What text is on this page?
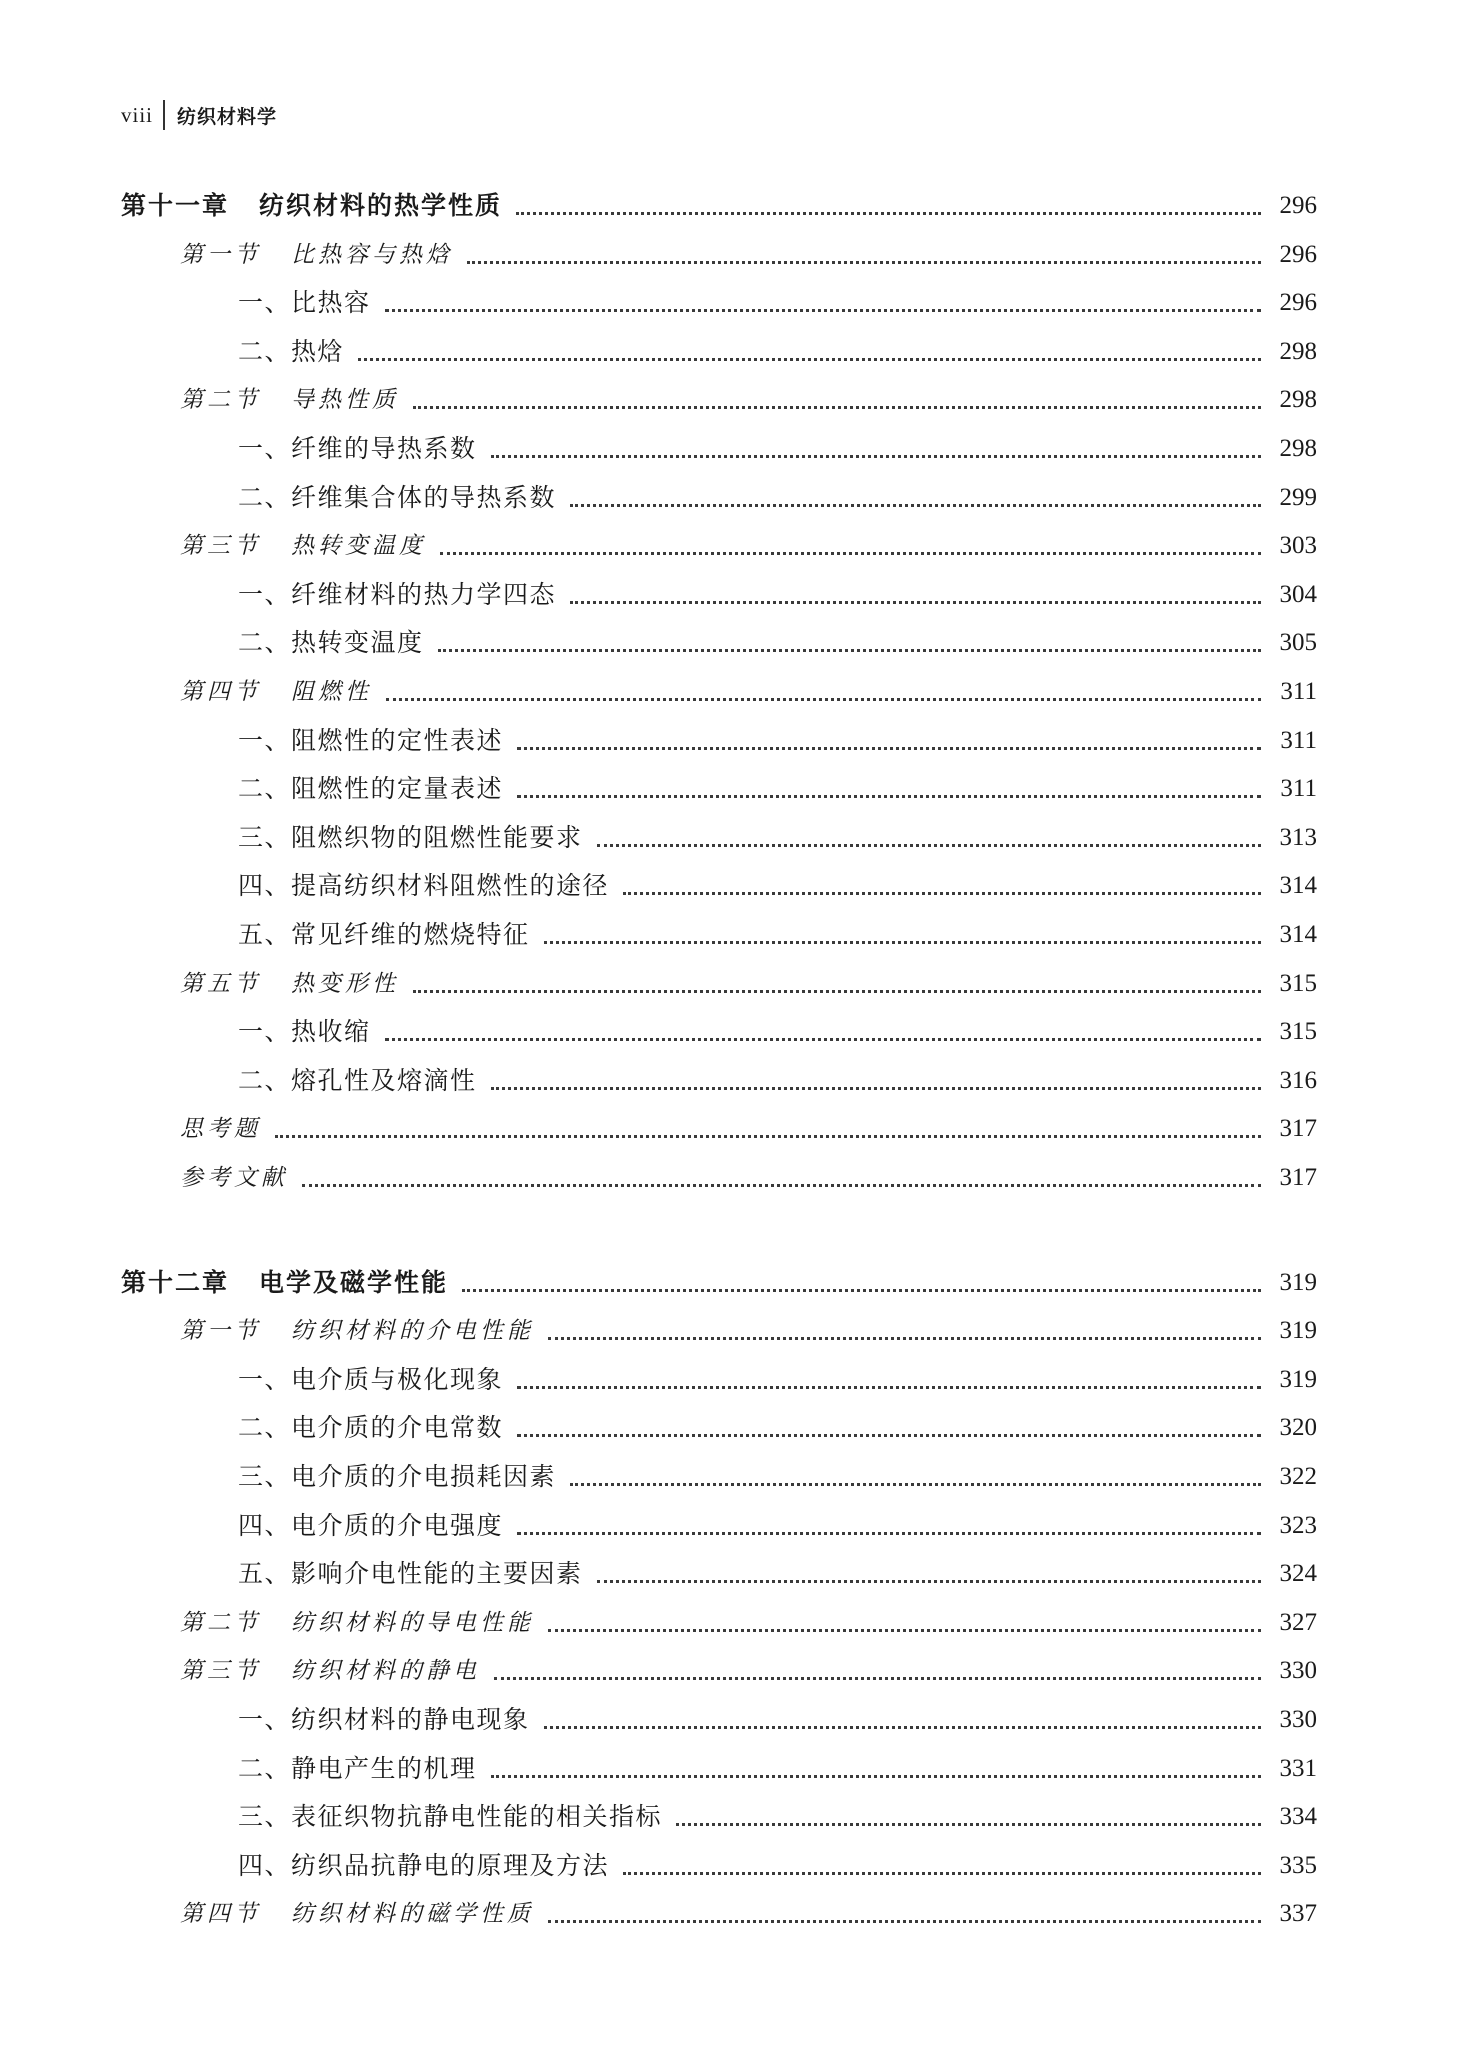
viii 纺织材料学
第十一章 纺织材料的热学性质	296
第一节 比热容与热焓	296
一、比热容	296
二、热焓	298
第二节 导热性质	298
一、纤维的导热系数	298
二、纤维集合体的导热系数	299
第三节 热转变温度	303
一、纤维材料的热力学四态	304
二、热转变温度	305
第四节 阻燃性	311
一、阻燃性的定性表述	311
二、阻燃性的定量表述	311
三、阻燃织物的阻燃性能要求	313
四、提高纺织材料阻燃性的途径	314
五、常见纤维的燃烧特征	314
第五节 热变形性	315
一、热收缩	315
二、熔孔性及熔滴性	316
思考题	317
参考文献	317
第十二章 电学及磁学性能	319
第一节 纺织材料的介电性能	319
一、电介质与极化现象	319
二、电介质的介电常数	320
三、电介质的介电损耗因素	322
四、电介质的介电强度	323
五、影响介电性能的主要因素	324
第二节 纺织材料的导电性能	327
第三节 纺织材料的静电	330
一、纺织材料的静电现象	330
二、静电产生的机理	331
三、表征织物抗静电性能的相关指标	334
四、纺织品抗静电的原理及方法	335
第四节 纺织材料的磁学性质	337
